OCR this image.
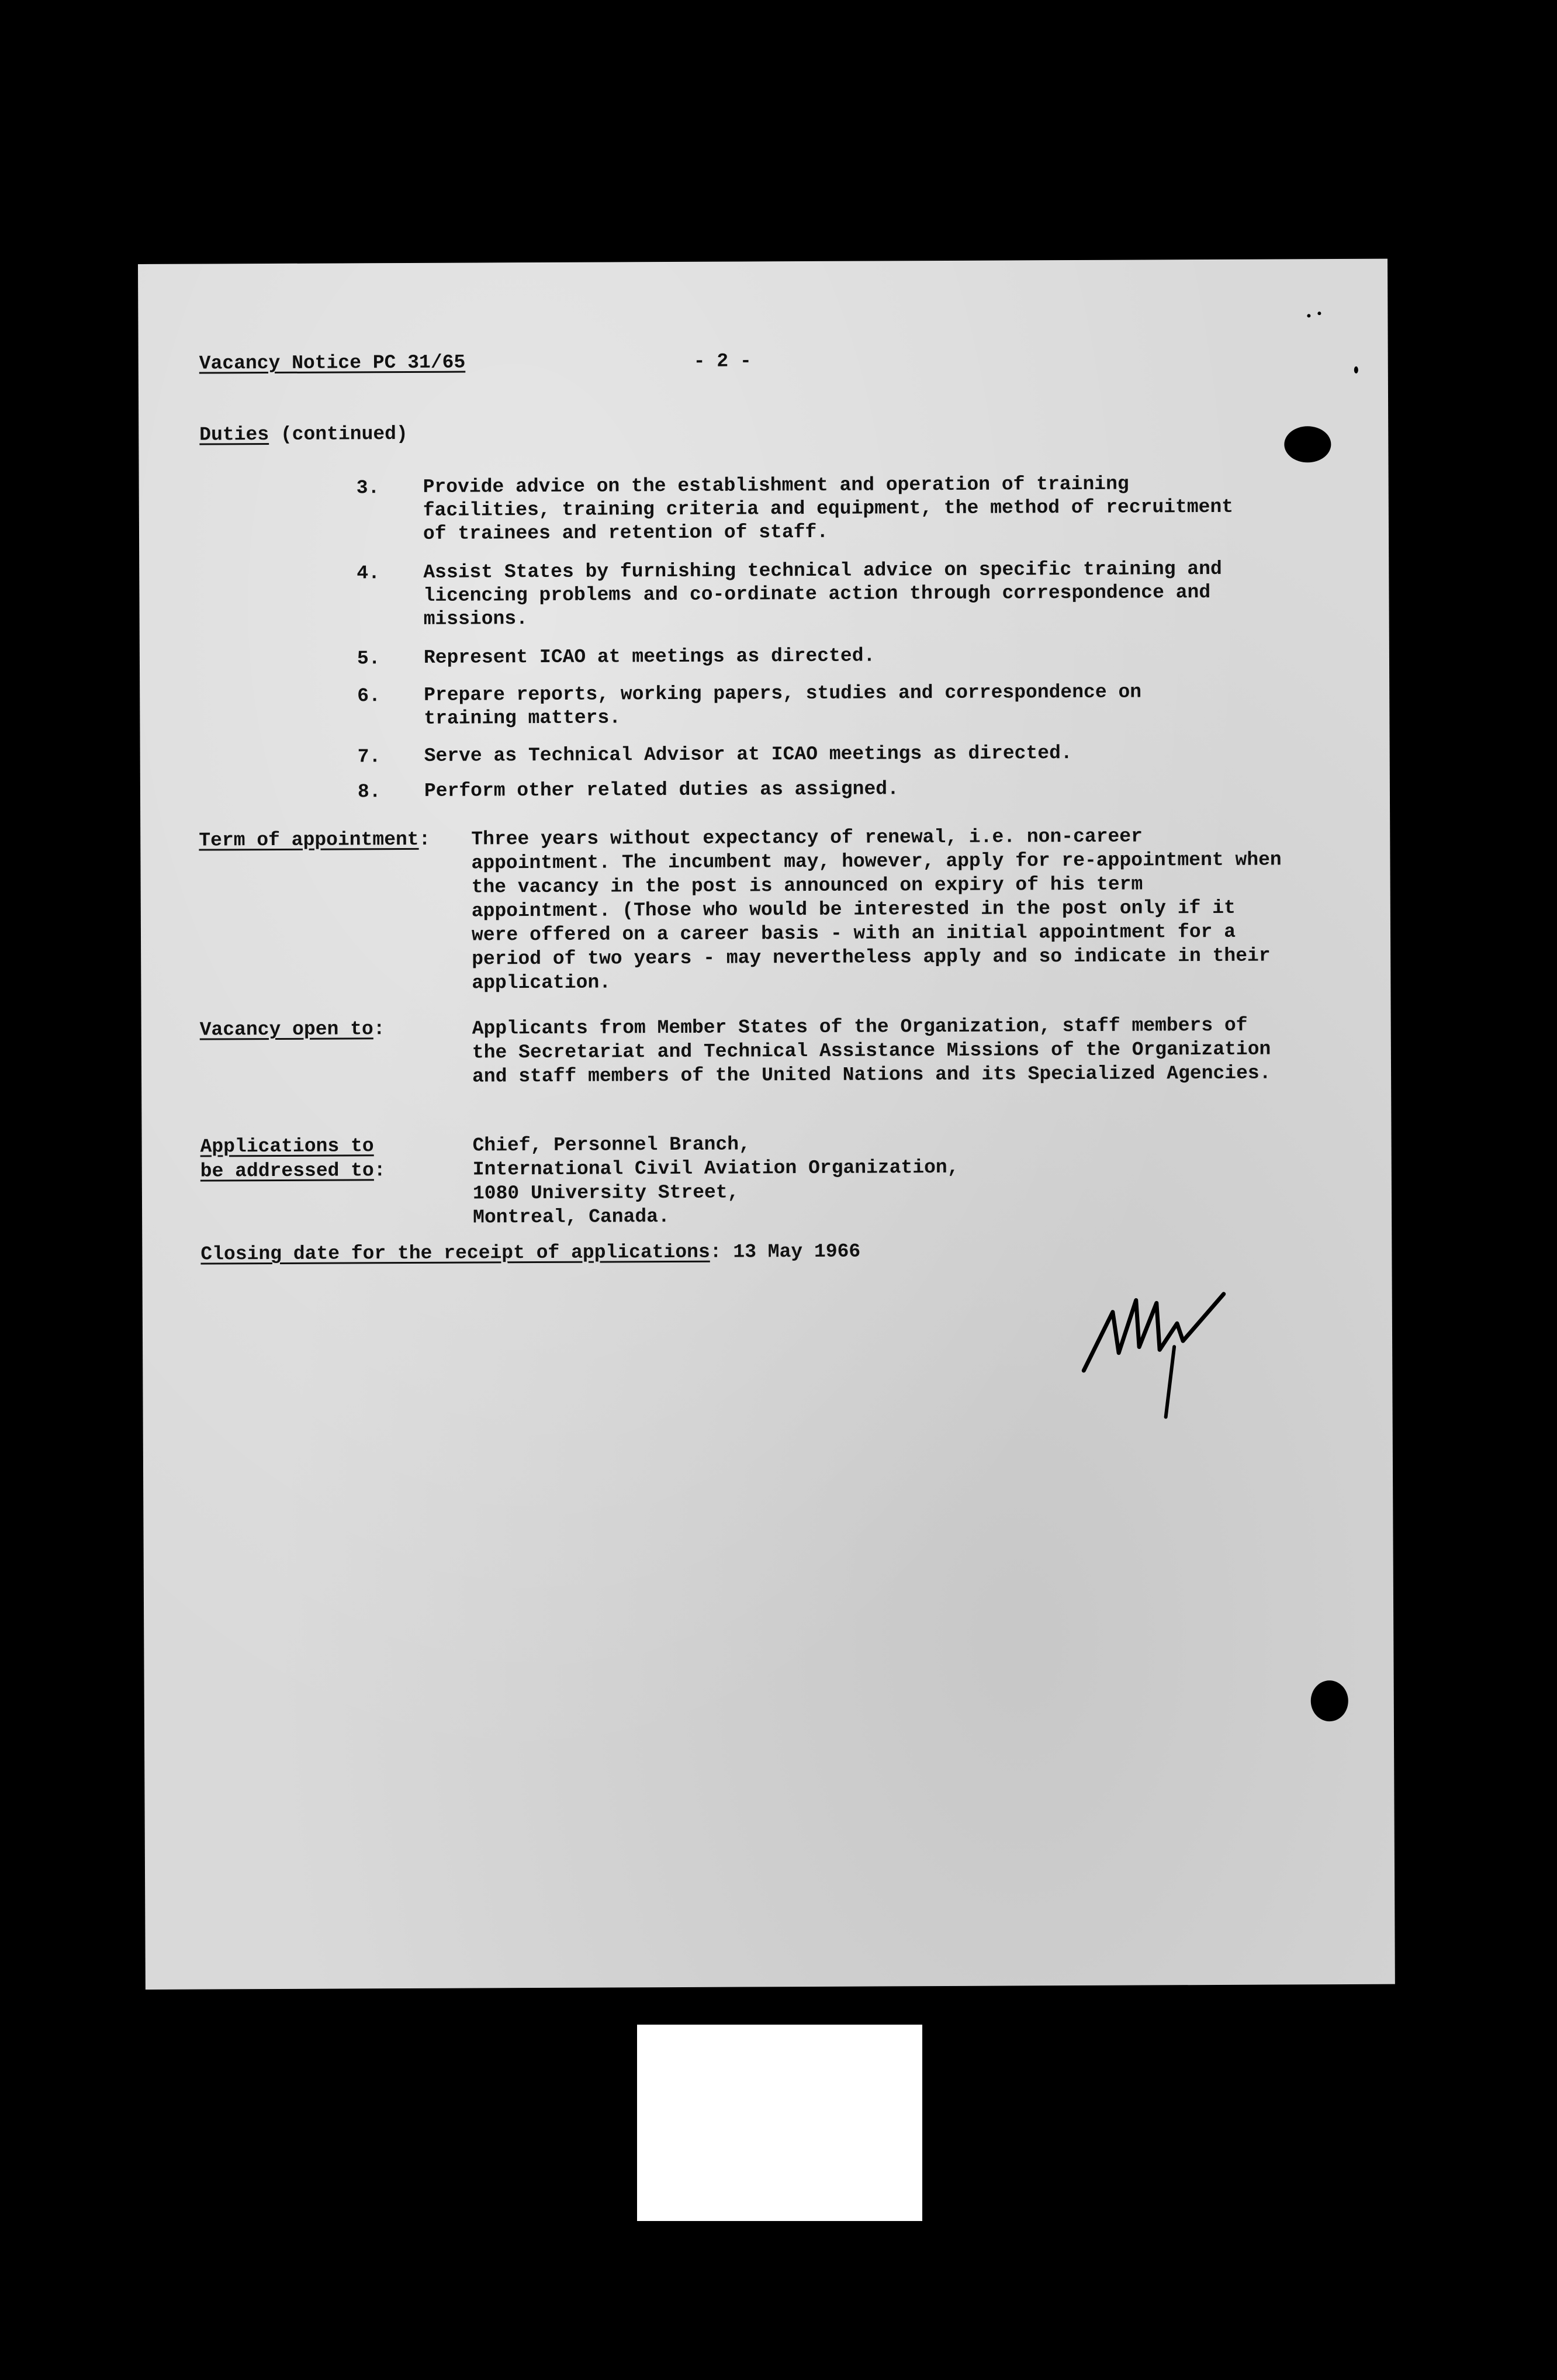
Vacancy Notice PC 31/65	- 2 -
Duties (continued)
3. Provide advice on the establishment and operation of training facilities, training criteria and equipment, the method of recruitment of trainees and retention of staff.
4. Assist States by furnishing technical advice on specific training and licencing problems and co-ordinate action through correspondence and missions.
5. Represent ICAO at meetings as directed.
6. Prepare reports, working papers, studies and correspondence on training matters.
7. Serve as Technical Advisor at ICAO meetings as directed.
8. Perform other related duties as assigned.
Term of appointment: Three years without expectancy of renewal, i.e. non-career appointment. The incumbent may, however, apply for re-appointment when the vacancy in the post is announced on expiry of his term appointment. (Those who would be interested in the post only if it were offered on a career basis - with an initial appointment for a period of two years - may nevertheless apply and so indicate in their application.
Vacancy open to:	Applicants from Member States of the Organization, staff members of the Secretariat and Technical Assistance Missions of the Organization and staff members of the United Nations and its Specialized Agencies.
Applications to
be addressed to:
Chief, Personnel Branch,
International Civil Aviation Organization,
1080 University Street,
Montreal, Canada.
Closing date for the receipt of applications: 13 May 1966
